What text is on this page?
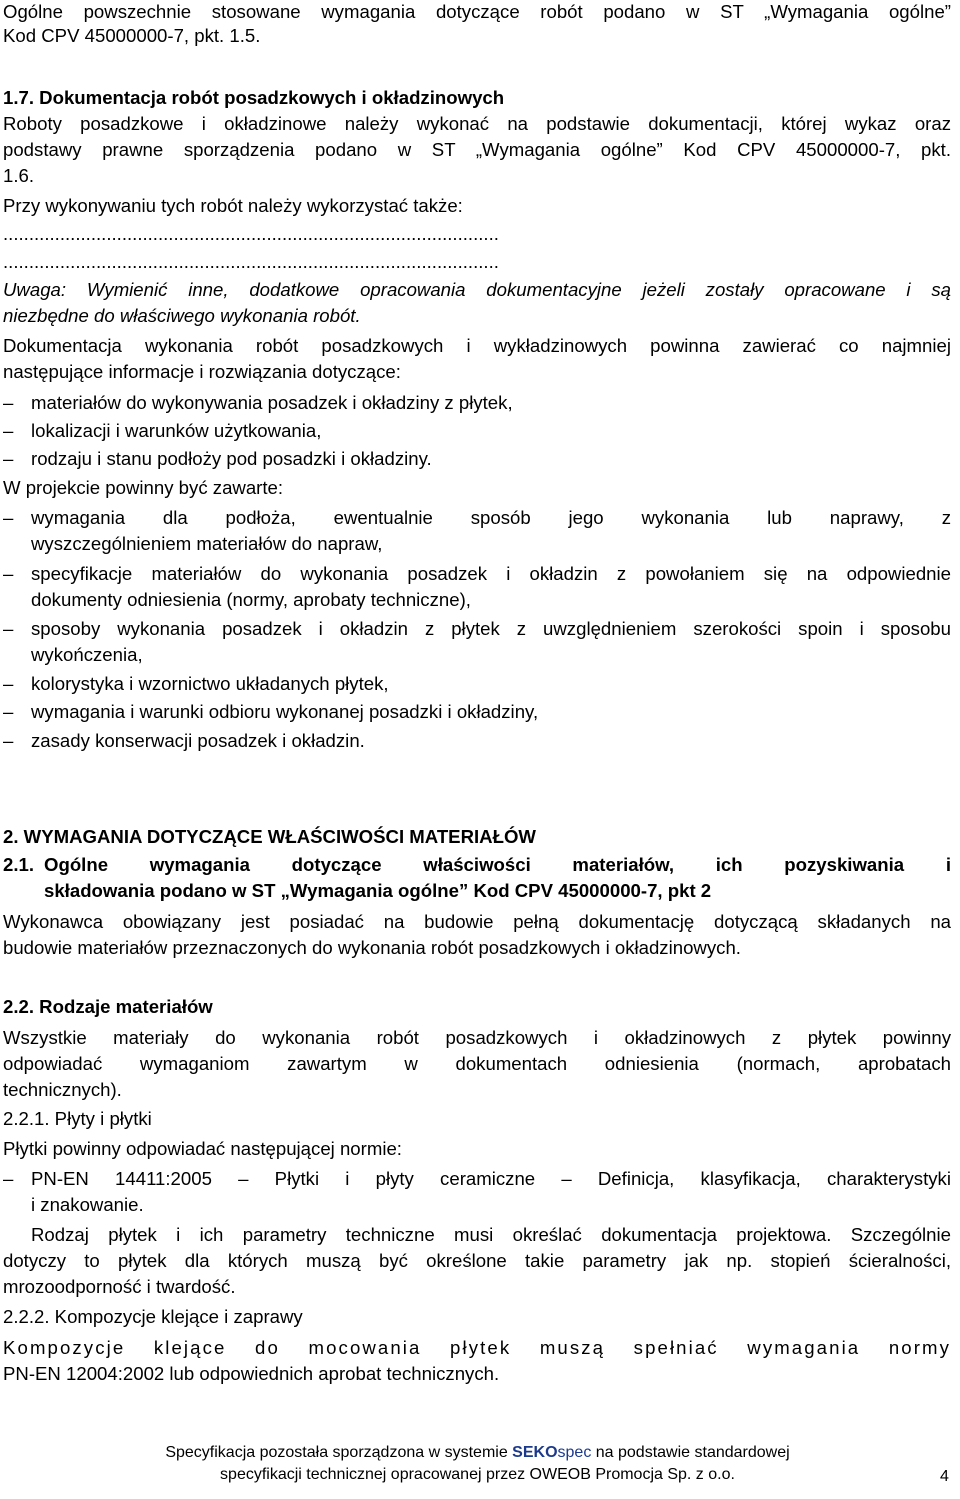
Ogólne powszechnie stosowane wymagania dotyczące robót podano w ST „Wymagania ogólne”
Kod CPV 45000000-7, pkt. 1.5.
1.7. Dokumentacja robót posadzkowych i okładzinowych
Roboty posadzkowe i okładzinowe należy wykonać na podstawie dokumentacji, której wykaz oraz
podstawy prawne sporządzenia podano w ST „Wymagania ogólne” Kod CPV 45000000-7, pkt.
1.6.
Przy wykonywaniu tych robót należy wykorzystać także:
................................................................................................
................................................................................................
Uwaga: Wymienić inne, dodatkowe opracowania dokumentacyjne jeżeli zostały opracowane i są
niezbędne do właściwego wykonania robót.
Dokumentacja wykonania robót posadzkowych i wykładzinowych powinna zawierać co najmniej
następujące informacje i rozwiązania dotyczące:
– materiałów do wykonywania posadzek i okładziny z płytek,
– lokalizacji i warunków użytkowania,
– rodzaju i stanu podłoży pod posadzki i okładziny.
W projekcie powinny być zawarte:
– wymagania dla podłoża, ewentualnie sposób jego wykonania lub naprawy, z
wyszczególnieniem materiałów do napraw,
– specyfikacje materiałów do wykonania posadzek i okładzin z powołaniem się na odpowiednie
dokumenty odniesienia (normy, aprobaty techniczne),
– sposoby wykonania posadzek i okładzin z płytek z uwzględnieniem szerokości spoin i sposobu
wykończenia,
– kolorystyka i wzornictwo układanych płytek,
– wymagania i warunki odbioru wykonanej posadzki i okładziny,
– zasady konserwacji posadzek i okładzin.
2. WYMAGANIA DOTYCZĄCE WŁAŚCIWOŚCI MATERIAŁÓW
2.1. Ogólne wymagania dotyczące właściwości materiałów, ich pozyskiwania i
składowania podano w ST „Wymagania ogólne” Kod CPV 45000000-7, pkt 2
Wykonawca obowiązany jest posiadać na budowie pełną dokumentację dotyczącą składanych na
budowie materiałów przeznaczonych do wykonania robót posadzkowych i okładzinowych.
2.2. Rodzaje materiałów
Wszystkie materiały do wykonania robót posadzkowych i okładzinowych z płytek powinny
odpowiadać wymaganiom zawartym w dokumentach odniesienia (normach, aprobatach
technicznych).
2.2.1. Płyty i płytki
Płytki powinny odpowiadać następującej normie:
– PN-EN 14411:2005 – Płytki i płyty ceramiczne – Definicja, klasyfikacja, charakterystyki
i znakowanie.
Rodzaj płytek i ich parametry techniczne musi określać dokumentacja projektowa. Szczególnie
dotyczy to płytek dla których muszą być określone takie parametry jak np. stopień ścieralności,
mrozoodporność i twardość.
2.2.2. Kompozycje klejące i zaprawy
Kompozycje klejące do mocowania płytek muszą spełniać wymagania normy
PN-EN 12004:2002 lub odpowiednich aprobat technicznych.
Specyfikacja pozostała sporządzona w systemie SEKOspec na podstawie standardowej
specyfikacji technicznej opracowanej przez OWEOB Promocja Sp. z o.o.	4
